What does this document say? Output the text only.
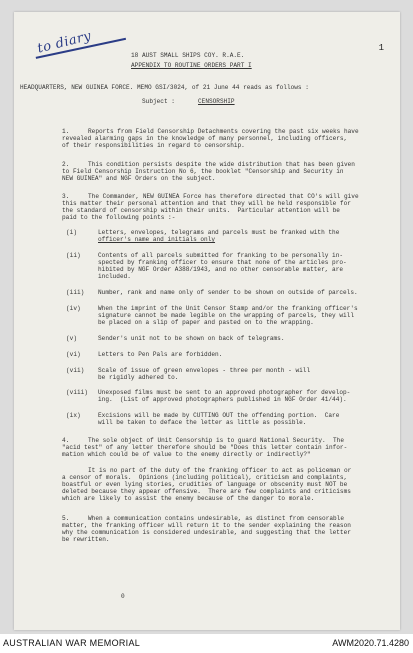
to diary	1
18 AUST SMALL SHIPS COY. R.A.E.
APPENDIX TO ROUTINE ORDERS PART I
HEADQUARTERS, NEW GUINEA FORCE. MEMO GSI/3024, of 21 June 44 reads as follows :
Subject :	CENSORSHIP
1.	Reports from Field Censorship Detachments covering the past six weeks have
revealed alarming gaps in the knowledge of many personnel, including officers,
of their responsibilities in regard to censorship.
2.	This condition persists despite the wide distribution that has been given
to Field Censorship Instruction No 6, the booklet "Censorship and Security in
NEW GUINEA" and NGF Orders on the subject.
3.	The Commander, NEW GUINEA Force has therefore directed that CO's will give
this matter their personal attention and that they will be held responsible for
the standard of censorship within their units.  Particular attention will be
paid to the following points :-
(i)	Letters, envelopes, telegrams and parcels must be franked with the
officer's name and initials only
(ii)	Contents of all parcels submitted for franking to be personally in-
spected by franking officer to ensure that none of the articles pro-
hibited by NGF Order A388/1943, and no other censorable matter, are
included.
(iii) Number, rank and name only of sender to be shown on outside of parcels.
(iv)	When the imprint of the Unit Censor Stamp and/or the franking officer's
signature cannot be made legible on the wrapping of parcels, they will
be placed on a slip of paper and pasted on to the wrapping.
(v)	Sender's unit not to be shown on back of telegrams.
(vi)	Letters to Pen Pals are forbidden.
(vii) Scale of issue of green envelopes - three per month - will
be rigidly adhered to.
(viii) Unexposed films must be sent to an approved photographer for develop-
ing.  (List of approved photographers published in NGF Order 41/44).
(ix)	Excisions will be made by CUTTING OUT the offending portion.  Care
will be taken to deface the letter as little as possible.
4.	The sole object of Unit Censorship is to guard National Security.  The
"acid test" of any letter therefore should be "Does this letter contain infor-
mation which could be of value to the enemy directly or indirectly?"
It is no part of the duty of the franking officer to act as policeman or
a censor of morals.  Opinions (including political), criticism and complaints,
boastful or even lying stories, crudities of language or obscenity must NOT be
deleted because they appear offensive.  There are few complaints and criticisms
which are likely to assist the enemy because of the danger to morale.
5.	When a communication contains undesirable, as distinct from censorable
matter, the franking officer will return it to the sender explaining the reason
why the communication is considered undesirable, and suggesting that the letter
be rewritten.
0
AUSTRALIAN WAR MEMORIAL	AWM2020.71.4280
